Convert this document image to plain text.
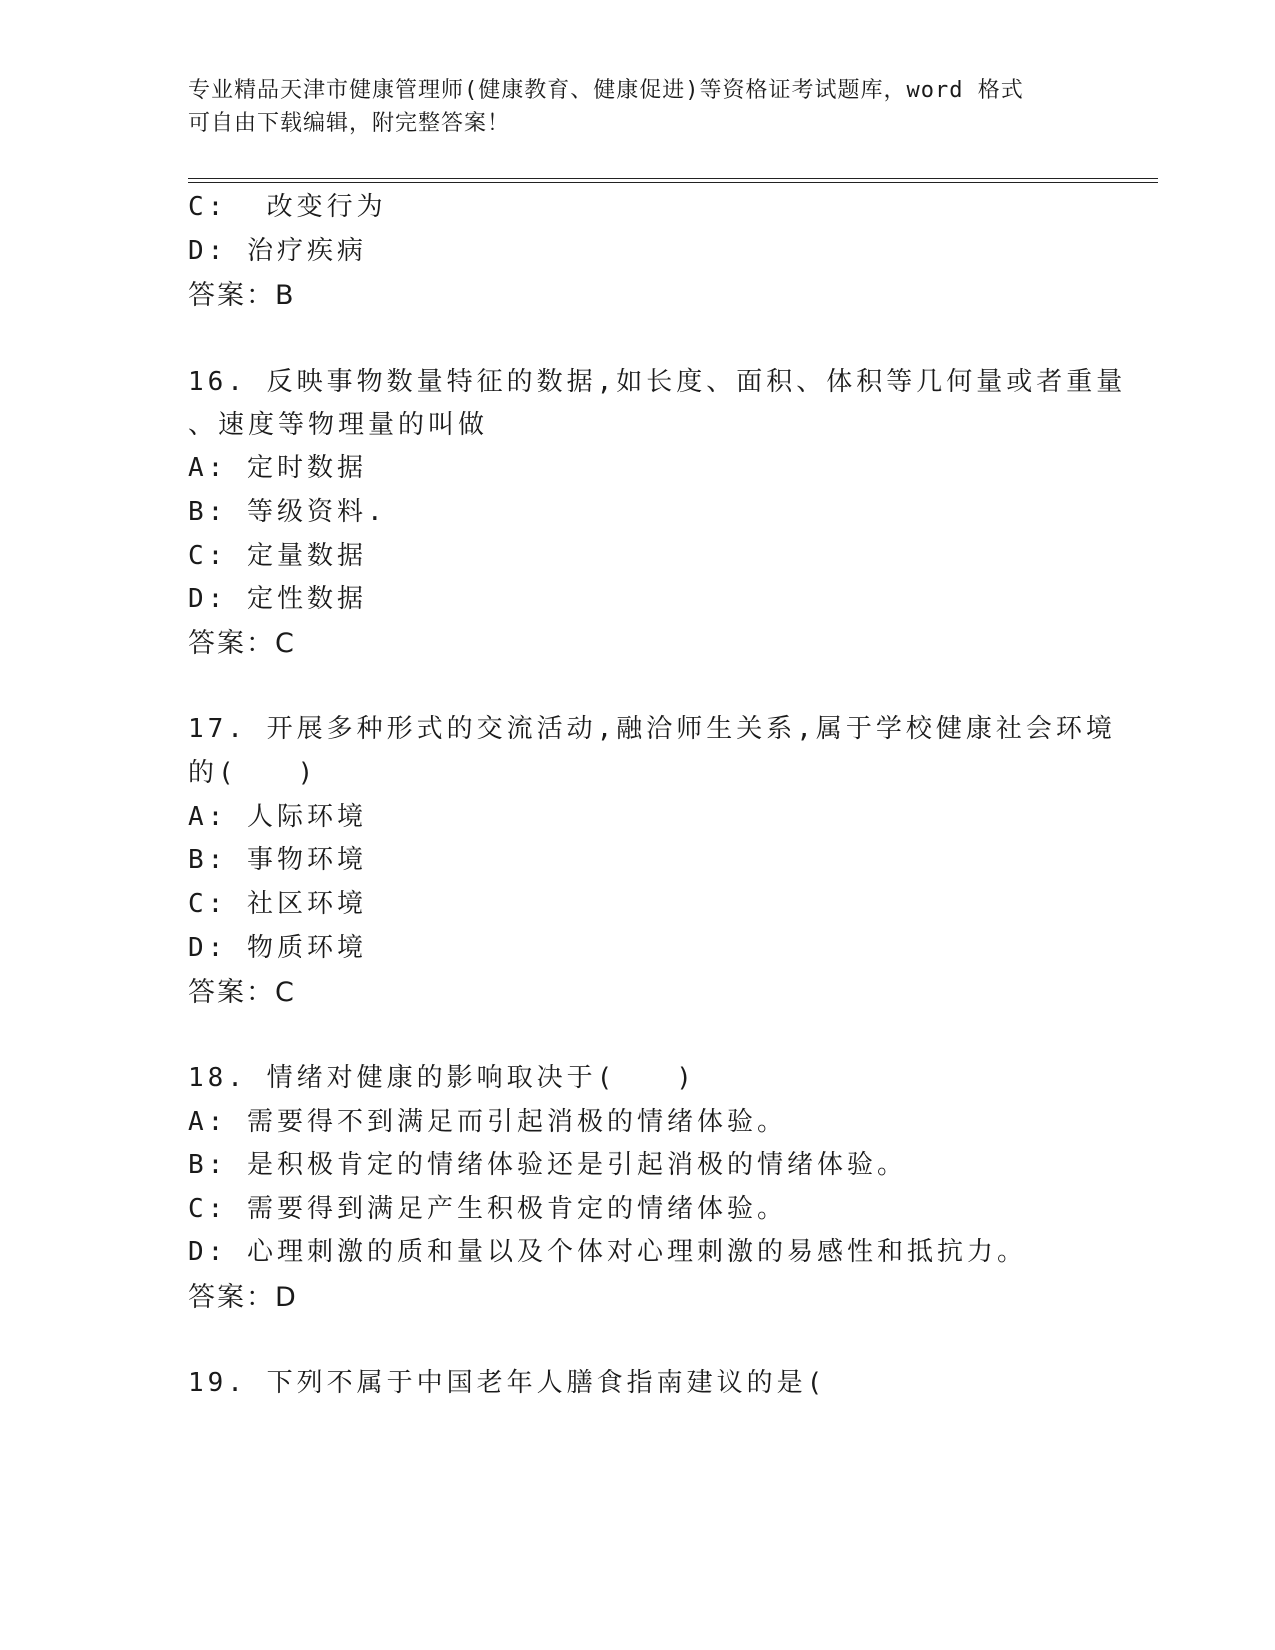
专业精品天津市健康管理师(健康教育、健康促进)等资格证考试题库，word 格式
可自由下载编辑，附完整答案！
C:  改变行为
D: 治疗疾病
答案：B
16. 反映事物数量特征的数据,如长度、面积、体积等几何量或者重量
、速度等物理量的叫做
A: 定时数据
B: 等级资料.
C: 定量数据
D: 定性数据
答案：C
17. 开展多种形式的交流活动,融洽师生关系,属于学校健康社会环境
的(　　)
A: 人际环境
B: 事物环境
C: 社区环境
D: 物质环境
答案：C
18. 情绪对健康的影响取决于(　　)
A: 需要得不到满足而引起消极的情绪体验。
B: 是积极肯定的情绪体验还是引起消极的情绪体验。
C: 需要得到满足产生积极肯定的情绪体验。
D: 心理刺激的质和量以及个体对心理刺激的易感性和抵抗力。
答案：D
19. 下列不属于中国老年人膳食指南建议的是(
